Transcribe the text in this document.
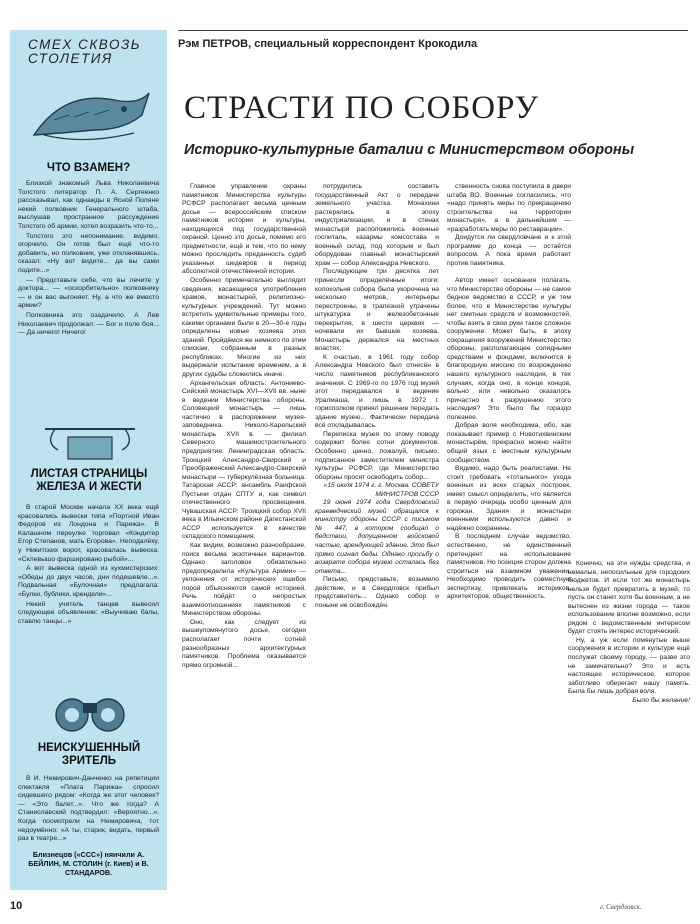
СМЕХ СКВОЗЬ СТОЛЕТИЯ
ЧТО ВЗАМЕН?

Близкой знакомый Льва Николаевича Толстого литератор П. А. Сергеенко рассказывал, как однажды в Ясной Поляне некий полковник Генерального штаба, выслушав пространное рассуждение Толстого об армии, хотел возразить что-то...

Толстого это непонимание, видимо, огорчило. Он готов был ещё что-то добавить, но полковник, уже откланявшись, сказал: «Ну вот видите... да вы сами подите...»

— Представьте себе, что вы лечите у доктора... — «оскорбительно» полковнику — и он вас выгоняет. Ну, а что же вместо армии?

Полковника это озадачило. А Лев Николаевич продолжал: — Бог и поле боя... — Да ничего! Ничего!

ЛИСТАЯ СТРАНИЦЫ ЖЕЛЕЗА И ЖЕСТИ

В старой Москве начала XX века ещё красовались вывески типа «Портной Иван Федоров из Лондона и Парижа». В Калашном переулке торговал «Кондитер Егор Степанов, мать Егорова». Неподалёку, у Никитских ворот, красовалась вывеска: «Склевышо фаршировано рыбой»...

А вот вывеска одной из кухмистерских: «Обеды до двух часов, дни подешевле...». Подвальная «Булочная» предлагала: «Булки, бублики, крендели»...

Некий учитель танцев вывесил следующее объявление: «Выучиваю балы, ставлю танцы...»

НЕИСКУШЕННЫЙ ЗРИТЕЛЬ

В И. Немирович-Данченко на репетиции спектакля «Плата Парижа» спросил сидевшего рядом: «Когда же этот человек? — «Это балет...». Что же тогда? А Станиславский подтвердил: «Вероятно...». Когда посмотрели на Немировича, тот недоумённо: «А ты, старик, видать, первый раз в театре...»

Близнецов («ССС») нянчили А. БЕЙЛИН, М. СТОЛИН (г. Киев) и В. СТАНДАРОВ.
Рэм ПЕТРОВ, специальный корреспондент Крокодила
СТРАСТИ ПО СОБОРУ
Историко-культурные баталии с Министерством обороны

Главное управление охраны памятников Министерства культуры РСФСР располагает весьма ценным досье — всероссийским списком памятников истории и культуры, находящихся под государственной охраной. Ценно это досье, помимо его предметности, ещё и тем, что по нему можно проследить преданность судеб указанных шедевров в период абсолютной отечественной истории.

Особенно примечательно выглядит сведения, касающиеся употребления храмов, монастырей, религиозно-культурных учреждений. Тут можно встретить удивительные примеры того, какими органами были в 20—30-е годы определены новые хозяева этих зданий. Пройдёмся же немного по этим спискам, собранным в разных республиках. Многие из них выдержали испытание временем, а в других судьбы сложились иначе.

Архангельская область: Антониево-Сийский монастырь XVI—XVII вв. ныне в ведении Министерства обороны. Соловецкий монастырь — лишь частично в распоряжении музея-заповедника. Николо-Карельский монастырь XVII в. — филиал Северного машиностроительного предприятия. Ленинградская область: Троицкий Александро-Свирский и Преображенский Александро-Свирский монастыри — туберкулёзная больница. Татарская АССР: ансамбль Раифской Пустыни отдан СПТУ и, как символ отечественного просвещения. Чувашская АССР: Троицкий собор XVII века в Ильинском районе Дагестанской АССР используется в качестве складского помещения.

Как видим, возможно разнообразие, поиск весьма экзотичных вариантов. Однако заголовок обязательно предопределила «Культура Армии» — уклонения от исторических ошибок порой объясняются самой историей. Речь пойдёт о непростых взаимоотношениях памятников с Министерством обороны.

Оно, как следует из вышеупомянутого досье, сегодня располагает почти сотней разнообразных архитектурных памятников. Проблема оказывается прямо огромной...

потрудились составить государственный Акт о передаче земельного участка. Монахини растерялись в эпоху индустриализации, и в стенах монастыря расположились военные госпиталь, казармы комсостава и военный склад, под которым и был оборудован главный монастырский храм — собор Александра Невского.

Последующие три десятка лет принесли определённые итоги: колокольня собора была укорочена на несколько метров, интерьеры перестроены, в трапезной утрачены штукатурка и железобетонные перекрытия, в шести церквях — ночевали их бывшие хозяева. Монастырь держался на местных властях.

К счастью, в 1961 году собор Александра Невского был отнесён в число памятников республиканского значения. С 1969-го по 1976 год музей этот передавался в ведение Уралмаша, и лишь в 1972 г. горисполком принял решение передать здание музею... Фактически передача всё откладывалась.

Переписка музея по этому поводу содержит более сотни документов. Особенно ценно, пожалуй, письмо, подписанное заместителем министра культуры РСФСР, где Министерство обороны просят освободить собор...

«15 июля 1974 г. г. Москва. СОВЕТУ МИНИСТРОВ СССР

19 июня 1974 года Свердловский краеведческий музей обращался к министру обороны СССР с письмом № 447, в котором сообщал о бедствии, допущенном войсковой частью, арендующей здание. Это был прямо сигнал беды. Однако просьбу о возврате собора музею осталась без ответа...

Письмо, представьте, возымело действие, и в Свердловск прибыл представитель... Однако собор и поныне не освобождён.

ственность снова поступила в двери штаба ВО. Военные согласились, что «надо принять меры по прекращению строительства на территории монастыря», а в дальнейшем — «разработать меры по реставрации».

Доидутся ли свердловчане и к этой программе до конца — остаётся вопросом. А пока время работает против памятника.

. . . . .

Автор имеет основания полагать, что Министерство обороны — не самое бедное ведомство в СССР, и уж тем более, что в Министерстве культуры нет сметных средств и возможностей, чтобы взять в свои руки такое сложное сооружение. Может быть, в эпоху сокращения вооружений Министерство обороны, располагающее солидными средствами и фондами, включится в благородную миссию по возрождению нашего культурного наследия, в тех случаях, когда оно, в конце концов, вольно или невольно оказалось причастно к разрушению этого наследия? Это было бы гораздо полезнее.

Добрая воля необходима, ибо, как показывает пример с Новотихвинским монастырём, прекрасно можно найти общий язык с местным культурным сообществом.

Видимо, надо быть реалистами. Не стоит требовать «тотального» ухода военных из всех старых построек, имеет смысл определить, что является в первую очередь особо ценным для горожан. Здания и монастыри военными используются давно и надёжно сохранены.

В последнем случае ведомство, естественно, не единственный претендент на использование памятников. Но позиция сторон должна строиться на взаимном уважении. Необходимо проводить совместную экспертизу, привлекать историков, архитекторов, общественность.

Конечно, на эти нужды средства, и немалые, непосильные для городских бюджетов. И если тот же монастырь нельзя будет превратить в музей, то пусть он станет хотя бы военным, а не вытеснен из жизни города — такое использование вполне возможно, если рядом с ведомственным интересом будет стоять интерес исторический.

Ну, а уж если помянутые выше сооружения в истории и культуре ещё послужат своему городу, — разве это не замечательно? Это и есть настоящее историческое, которое заботливо оберегает нашу память. Была бы лишь добрая воля.

Было бы желание!

10	г. Свердловск.
